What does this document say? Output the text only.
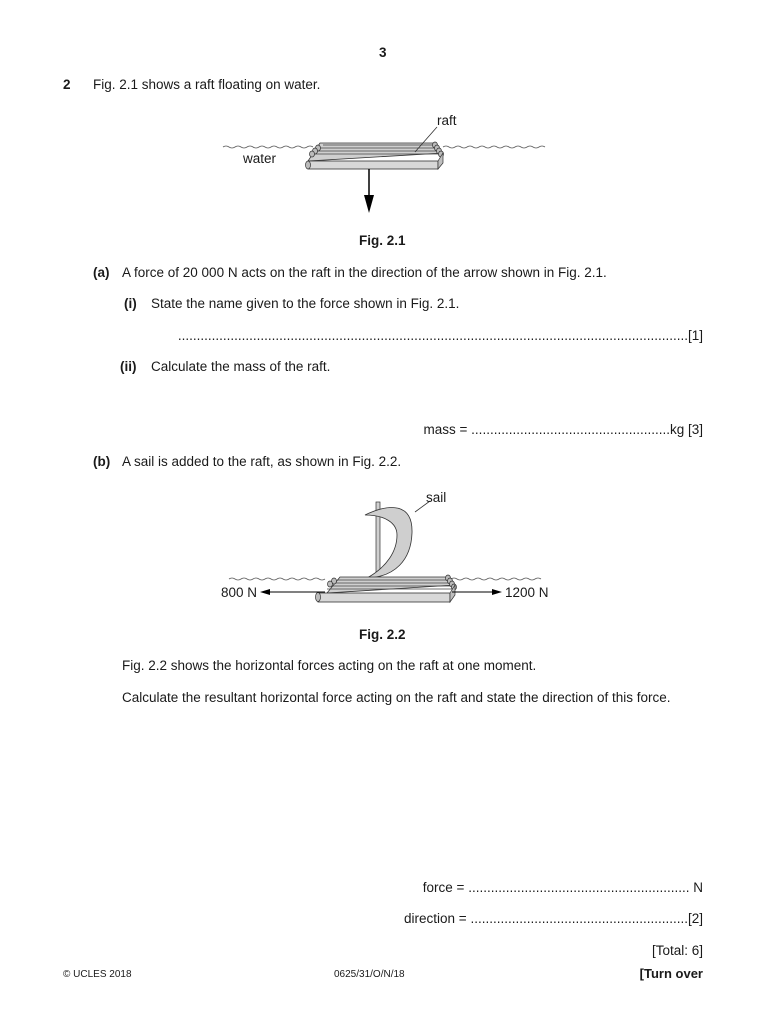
3
2 Fig. 2.1 shows a raft floating on water.
raft
water
Fig. 2.1
(a) A force of 20 000 N acts on the raft in the direction of the arrow shown in Fig. 2.1.
(i) State the name given to the force shown in Fig. 2.1.
........................................................................................................................................[1]
(ii) Calculate the mass of the raft.
mass = .....................................................kg [3]
(b) A sail is added to the raft, as shown in Fig. 2.2.
sail
800 N	1200 N
Fig. 2.2
Fig. 2.2 shows the horizontal forces acting on the raft at one moment.
Calculate the resultant horizontal force acting on the raft and state the direction of this force.
force = ........................................................... N
direction = ..........................................................[2]
[Total: 6]
© UCLES 2018	0625/31/O/N/18	[Turn over
